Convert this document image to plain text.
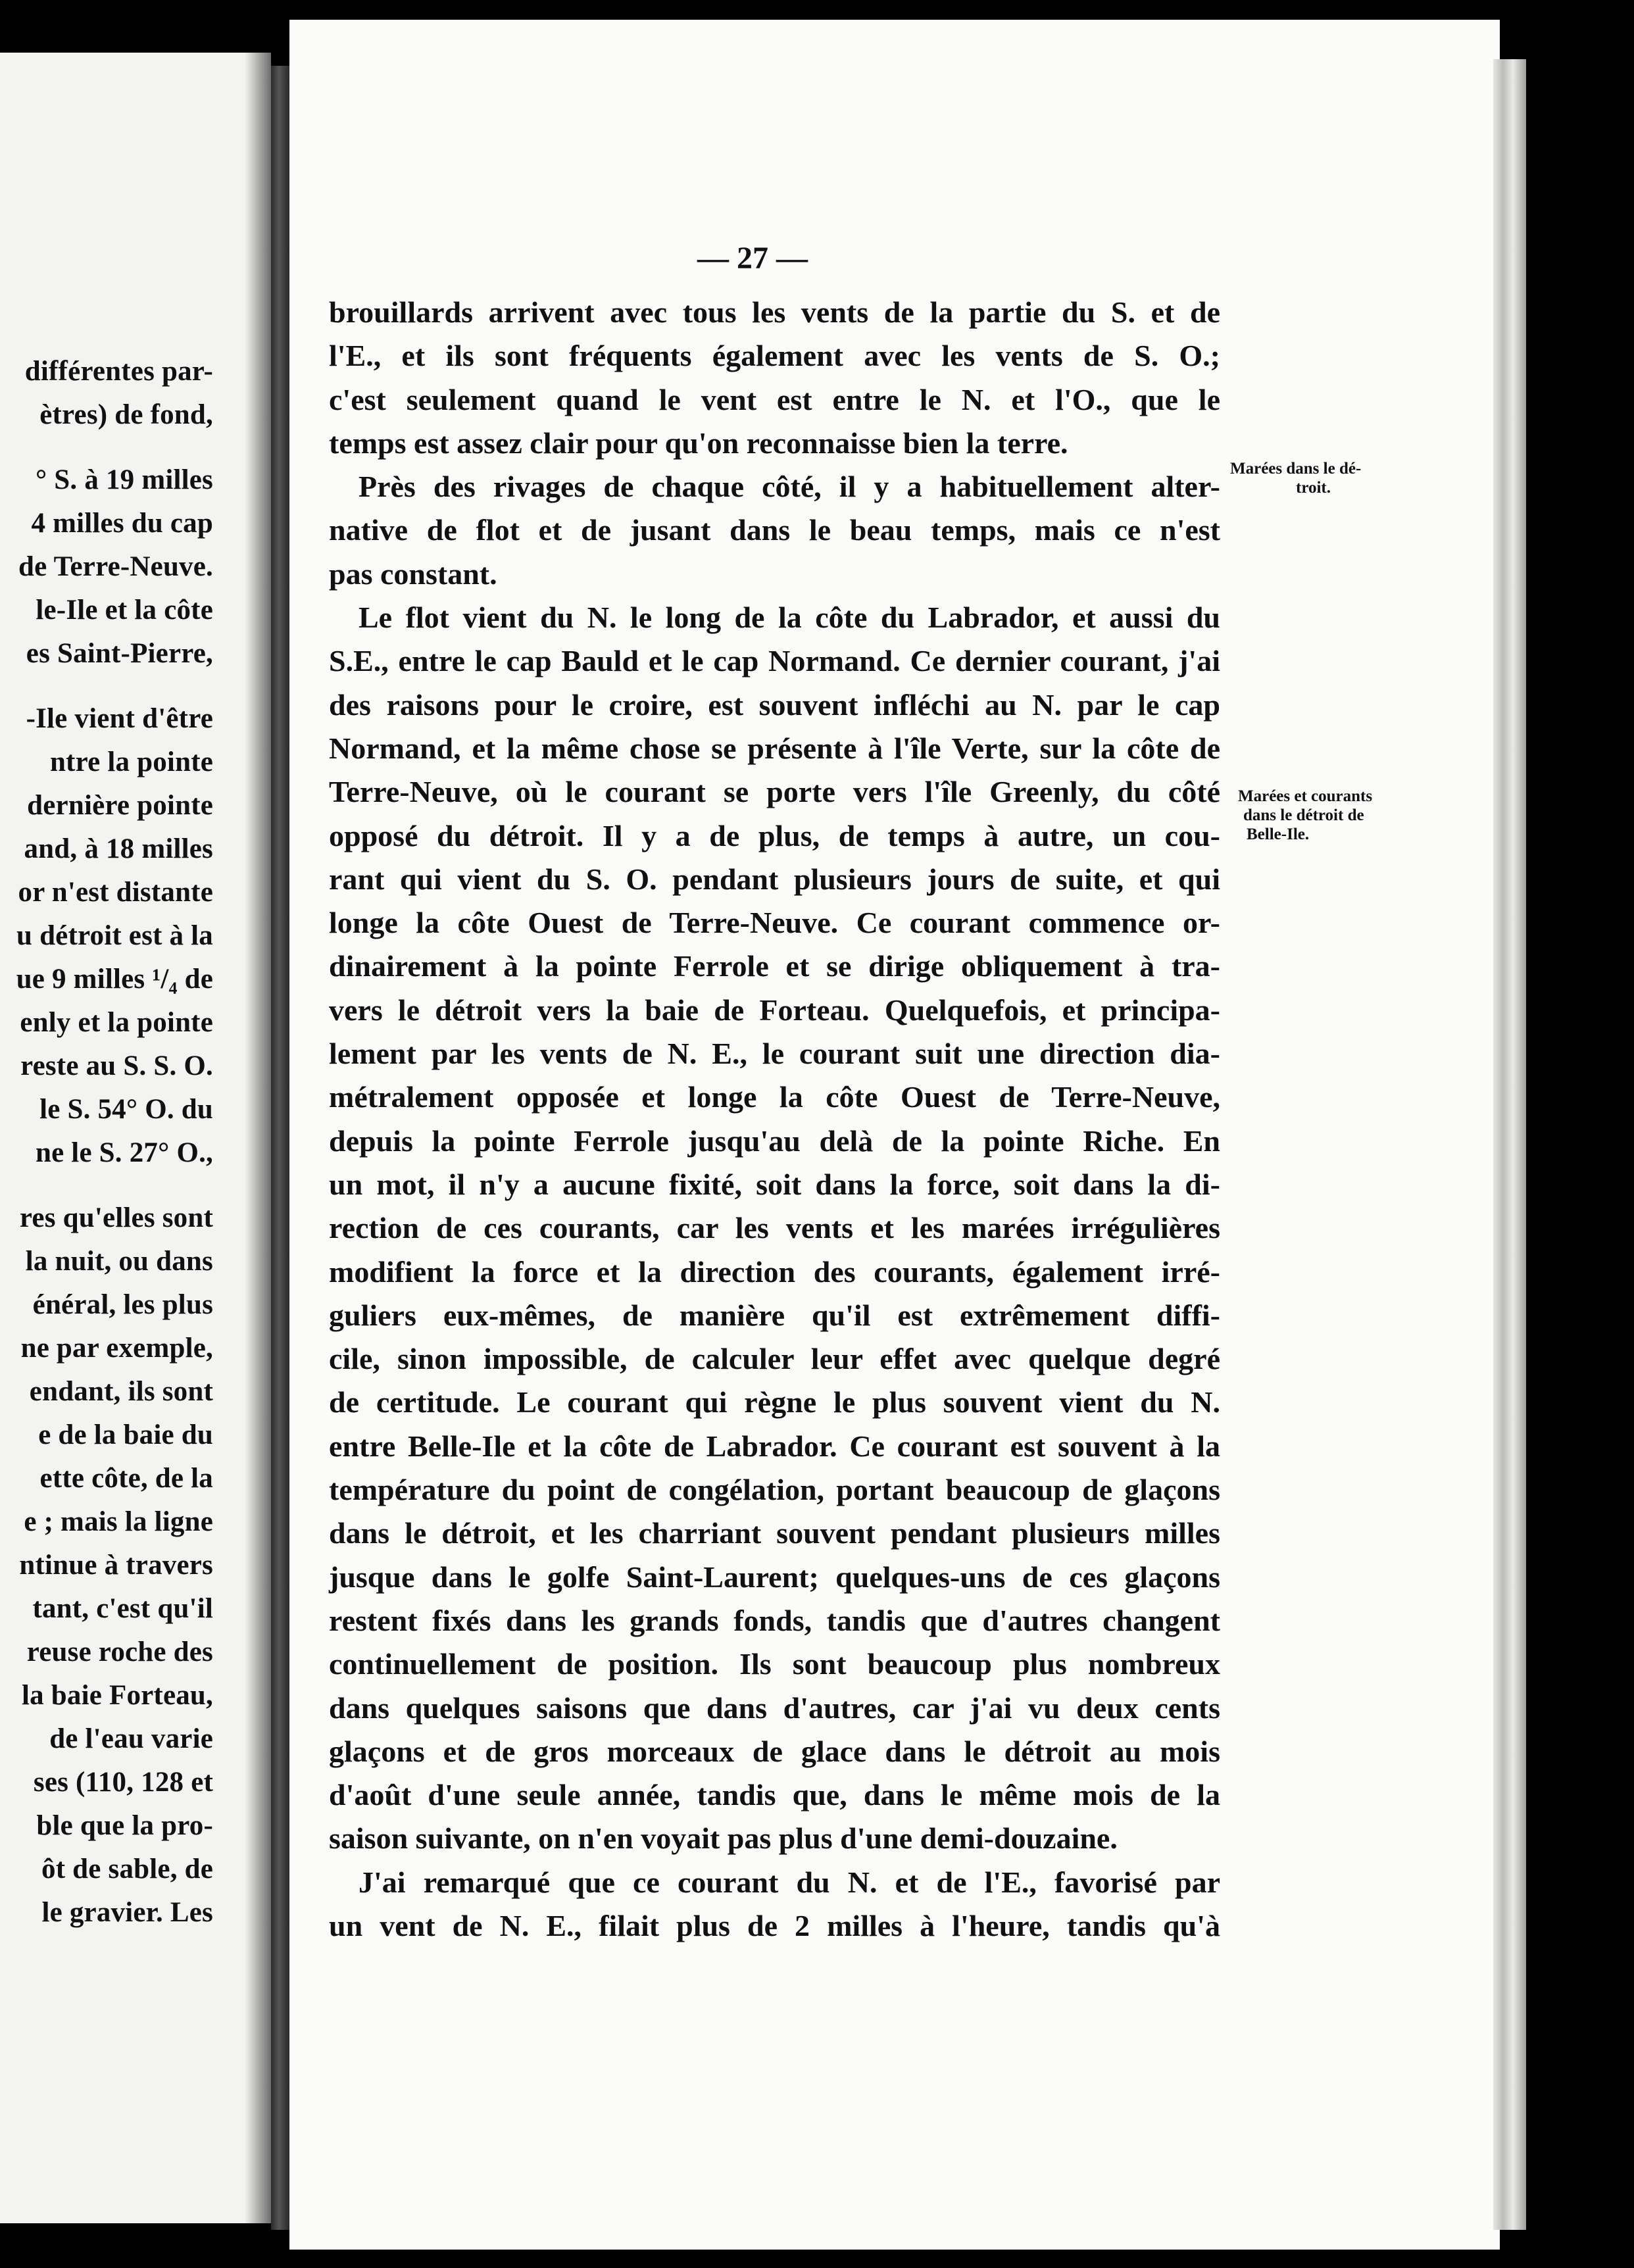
différentes par-
ètres) de fond,
° S. à 19 milles
4 milles du cap
de Terre-Neuve.
le-Ile et la côte
es Saint-Pierre,
-Ile vient d'être
ntre la pointe
dernière pointe
and, à 18 milles
or n'est distante
u détroit est à la
ue 9 milles ¹/₄ de
enly et la pointe
reste au S. S. O.
le S. 54° O. du
ne le S. 27° O.,
res qu'elles sont
la nuit, ou dans
énéral, les plus
ne par exemple,
endant, ils sont
e de la baie du
ette côte, de la
e ; mais la ligne
ntinue à travers
tant, c'est qu'il
reuse roche des
la baie Forteau,
de l'eau varie
ses (110, 128 et
ble que la pro-
ôt de sable, de
le gravier. Les
— 27 —
brouillards arrivent avec tous les vents de la partie du S. et de
l'E., et ils sont fréquents également avec les vents de S. O.;
c'est seulement quand le vent est entre le N. et l'O., que le
temps est assez clair pour qu'on reconnaisse bien la terre.
Près des rivages de chaque côté, il y a habituellement alter-
native de flot et de jusant dans le beau temps, mais ce n'est
pas constant.
Le flot vient du N. le long de la côte du Labrador, et aussi du
S.E., entre le cap Bauld et le cap Normand. Ce dernier courant, j'ai
des raisons pour le croire, est souvent infléchi au N. par le cap
Normand, et la même chose se présente à l'île Verte, sur la côte de
Terre-Neuve, où le courant se porte vers l'île Greenly, du côté
opposé du détroit. Il y a de plus, de temps à autre, un cou-
rant qui vient du S. O. pendant plusieurs jours de suite, et qui
longe la côte Ouest de Terre-Neuve. Ce courant commence or-
dinairement à la pointe Ferrole et se dirige obliquement à tra-
vers le détroit vers la baie de Forteau. Quelquefois, et principa-
lement par les vents de N. E., le courant suit une direction dia-
métralement opposée et longe la côte Ouest de Terre-Neuve,
depuis la pointe Ferrole jusqu'au delà de la pointe Riche. En
un mot, il n'y a aucune fixité, soit dans la force, soit dans la di-
rection de ces courants, car les vents et les marées irrégulières
modifient la force et la direction des courants, également irré-
guliers eux-mêmes, de manière qu'il est extrêmement diffi-
cile, sinon impossible, de calculer leur effet avec quelque degré
de certitude. Le courant qui règne le plus souvent vient du N.
entre Belle-Ile et la côte de Labrador. Ce courant est souvent à la
température du point de congélation, portant beaucoup de glaçons
dans le détroit, et les charriant souvent pendant plusieurs milles
jusque dans le golfe Saint-Laurent; quelques-uns de ces glaçons
restent fixés dans les grands fonds, tandis que d'autres changent
continuellement de position. Ils sont beaucoup plus nombreux
dans quelques saisons que dans d'autres, car j'ai vu deux cents
glaçons et de gros morceaux de glace dans le détroit au mois
d'août d'une seule année, tandis que, dans le même mois de la
saison suivante, on n'en voyait pas plus d'une demi-douzaine.
J'ai remarqué que ce courant du N. et de l'E., favorisé par
un vent de N. E., filait plus de 2 milles à l'heure, tandis qu'à
Marées dans le dé-
troit.
Marées et courants
dans le détroit de
Belle-Ile.
